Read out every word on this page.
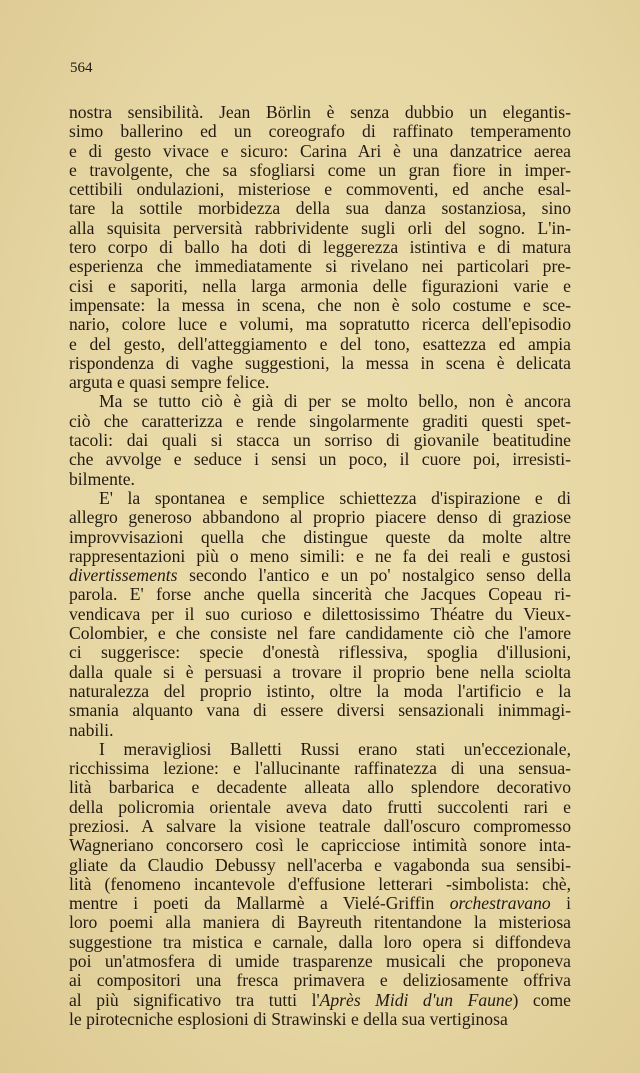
564
nostra sensibilità. Jean Börlin è senza dubbio un elegantis-
simo ballerino ed un coreografo di raffinato temperamento
e di gesto vivace e sicuro: Carina Ari è una danzatrice aerea
e travolgente, che sa sfogliarsi come un gran fiore in imper-
cettibili ondulazioni, misteriose e commoventi, ed anche esal-
tare la sottile morbidezza della sua danza sostanziosa, sino
alla squisita perversità rabbrividente sugli orli del sogno. L'in-
tero corpo di ballo ha doti di leggerezza istintiva e di matura
esperienza che immediatamente si rivelano nei particolari pre-
cisi e saporiti, nella larga armonia delle figurazioni varie e
impensate: la messa in scena, che non è solo costume e sce-
nario, colore luce e volumi, ma sopratutto ricerca dell'episodio
e del gesto, dell'atteggiamento e del tono, esattezza ed ampia
rispondenza di vaghe suggestioni, la messa in scena è delicata
arguta e quasi sempre felice.
Ma se tutto ciò è già di per se molto bello, non è ancora
ciò che caratterizza e rende singolarmente graditi questi spet-
tacoli: dai quali si stacca un sorriso di giovanile beatitudine
che avvolge e seduce i sensi un poco, il cuore poi, irresisti-
bilmente.
E' la spontanea e semplice schiettezza d'ispirazione e di
allegro generoso abbandono al proprio piacere denso di graziose
improvvisazioni quella che distingue queste da molte altre
rappresentazioni più o meno simili: e ne fa dei reali e gustosi
divertissements secondo l'antico e un po' nostalgico senso della
parola. E' forse anche quella sincerità che Jacques Copeau ri-
vendicava per il suo curioso e dilettosissimo Théatre du Vieux-
Colombier, e che consiste nel fare candidamente ciò che l'amore
ci suggerisce: specie d'onestà riflessiva, spoglia d'illusioni,
dalla quale si è persuasi a trovare il proprio bene nella sciolta
naturalezza del proprio istinto, oltre la moda l'artificio e la
smania alquanto vana di essere diversi sensazionali inimmagi-
nabili.
I meravigliosi Balletti Russi erano stati un'eccezionale,
ricchissima lezione: e l'allucinante raffinatezza di una sensua-
lità barbarica e decadente alleata allo splendore decorativo
della policromia orientale aveva dato frutti succolenti rari e
preziosi. A salvare la visione teatrale dall'oscuro compromesso
Wagneriano concorsero così le capricciose intimità sonore inta-
gliate da Claudio Debussy nell'acerba e vagabonda sua sensibi-
lità (fenomeno incantevole d'effusione letterari -simbolista: chè,
mentre i poeti da Mallarmè a Vielé-Griffin orchestravano i
loro poemi alla maniera di Bayreuth ritentandone la misteriosa
suggestione tra mistica e carnale, dalla loro opera si diffondeva
poi un'atmosfera di umide trasparenze musicali che proponeva
ai compositori una fresca primavera e deliziosamente offriva
al più significativo tra tutti l'Après Midi d'un Faune) come
le pirotecniche esplosioni di Strawinski e della sua vertiginosa
